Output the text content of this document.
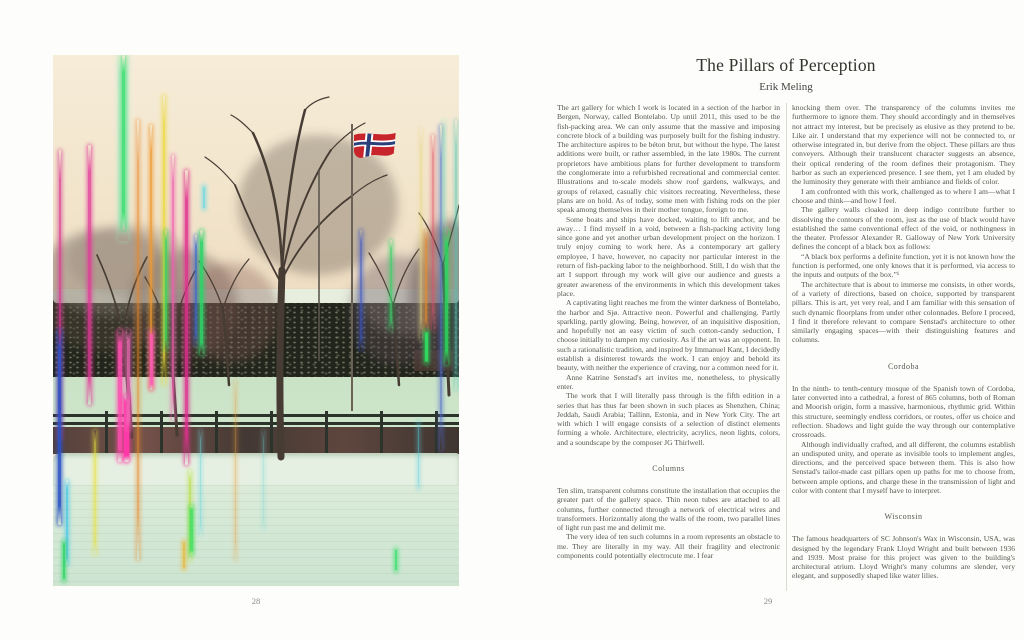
28
The Pillars of Perception
Erik Meling

The art gallery for which I work is located in a section of the harbor in Bergen, Norway, called Bontelabo. Up until 2011, this used to be the fish-packing area. We can only assume that the massive and imposing concrete block of a building was purposely built for the fishing industry. The architecture aspires to be béton brut, but without the hype. The latest additions were built, or rather assembled, in the late 1980s. The current proprietors have ambitious plans for further development to transform the conglomerate into a refurbished recreational and commercial center. Illustrations and to-scale models show roof gardens, walkways, and groups of relaxed, casually chic visitors recreating. Nevertheless, these plans are on hold. As of today, some men with fishing rods on the pier speak among themselves in their mother tongue, foreign to me.

Some boats and ships have docked, waiting to lift anchor, and be away… I find myself in a void, between a fish-packing activity long since gone and yet another urban development project on the horizon. I truly enjoy coming to work here. As a contemporary art gallery employee, I have, however, no capacity nor particular interest in the return of fish-packing labor to the neighborhood. Still, I do wish that the art I support through my work will give our audience and guests a greater awareness of the environments in which this development takes place.

A captivating light reaches me from the winter darkness of Bontelabo, the harbor and Sjø. Attractive neon. Powerful and challenging. Partly sparkling, partly glowing. Being, however, of an inquisitive disposition, and hopefully not an easy victim of such cotton-candy seduction, I choose initially to dampen my curiosity. As if the art was an opponent. In such a rationalistic tradition, and inspired by Immanuel Kant, I decidedly establish a disinterest towards the work. I can enjoy and behold its beauty, with neither the experience of craving, nor a common need for it.

Anne Katrine Senstad's art invites me, nonetheless, to physically enter.

The work that I will literally pass through is the fifth edition in a series that has thus far been shown in such places as Shenzhen, China; Jeddah, Saudi Arabia; Tallinn, Estonia, and in New York City. The art with which I will engage consists of a selection of distinct elements forming a whole. Architecture, electricity, acrylics, neon lights, colors, and a soundscape by the composer JG Thirlwell.

Columns

Ten slim, transparent columns constitute the installation that occupies the greater part of the gallery space. Thin neon tubes are attached to all columns, further connected through a network of electrical wires and transformers. Horizontally along the walls of the room, two parallel lines of light run past me and delimit me.

The very idea of ten such columns in a room represents an obstacle to me. They are literally in my way. All their fragility and electronic components could potentially electrocute me. I fear

knocking them over. The transparency of the columns invites me furthermore to ignore them. They should accordingly and in themselves not attract my interest, but be precisely as elusive as they pretend to be. Like air. I understand that my experience will not be connected to, or otherwise integrated in, but derive from the object. These pillars are thus conveyers. Although their translucent character suggests an absence, their optical rendering of the room defines their protagonism. They harbor as such an experienced presence. I see them, yet I am eluded by the luminosity they generate with their ambiance and fields of color.

I am confronted with this work, challenged as to where I am—what I choose and think—and how I feel.

The gallery walls cloaked in deep indigo contribute further to dissolving the contours of the room, just as the use of black would have established the same conventional effect of the void, or nothingness in the theater. Professor Alexander R. Galloway of New York University defines the concept of a black box as follows:

“A black box performs a definite function, yet it is not known how the function is performed, one only knows that it is performed, via access to the inputs and outputs of the box.”¹

The architecture that is about to immerse me consists, in other words, of a variety of directions, based on choice, supported by transparent pillars. This is art, yet very real, and I am familiar with this sensation of such dynamic floorplans from under other colonnades. Before I proceed, I find it therefore relevant to compare Senstad's architecture to other similarly engaging spaces—with their distinguishing features and columns.

Cordoba

In the ninth- to tenth-century mosque of the Spanish town of Cordoba, later converted into a cathedral, a forest of 865 columns, both of Roman and Moorish origin, form a massive, harmonious, rhythmic grid. Within this structure, seemingly endless corridors, or routes, offer us choice and reflection. Shadows and light guide the way through our contemplative crossroads.

Although individually crafted, and all different, the columns establish an undisputed unity, and operate as invisible tools to implement angles, directions, and the perceived space between them. This is also how Senstad's tailor-made cast pillars open up paths for me to choose from, between ample options, and charge these in the transmission of light and color with content that I myself have to interpret.

Wisconsin

The famous headquarters of SC Johnson's Wax in Wisconsin, USA, was designed by the legendary Frank Lloyd Wright and built between 1936 and 1939. Most praise for this project was given to the building's architectural atrium. Lloyd Wright's many columns are slender, very elegant, and supposedly shaped like water lilies.

29
